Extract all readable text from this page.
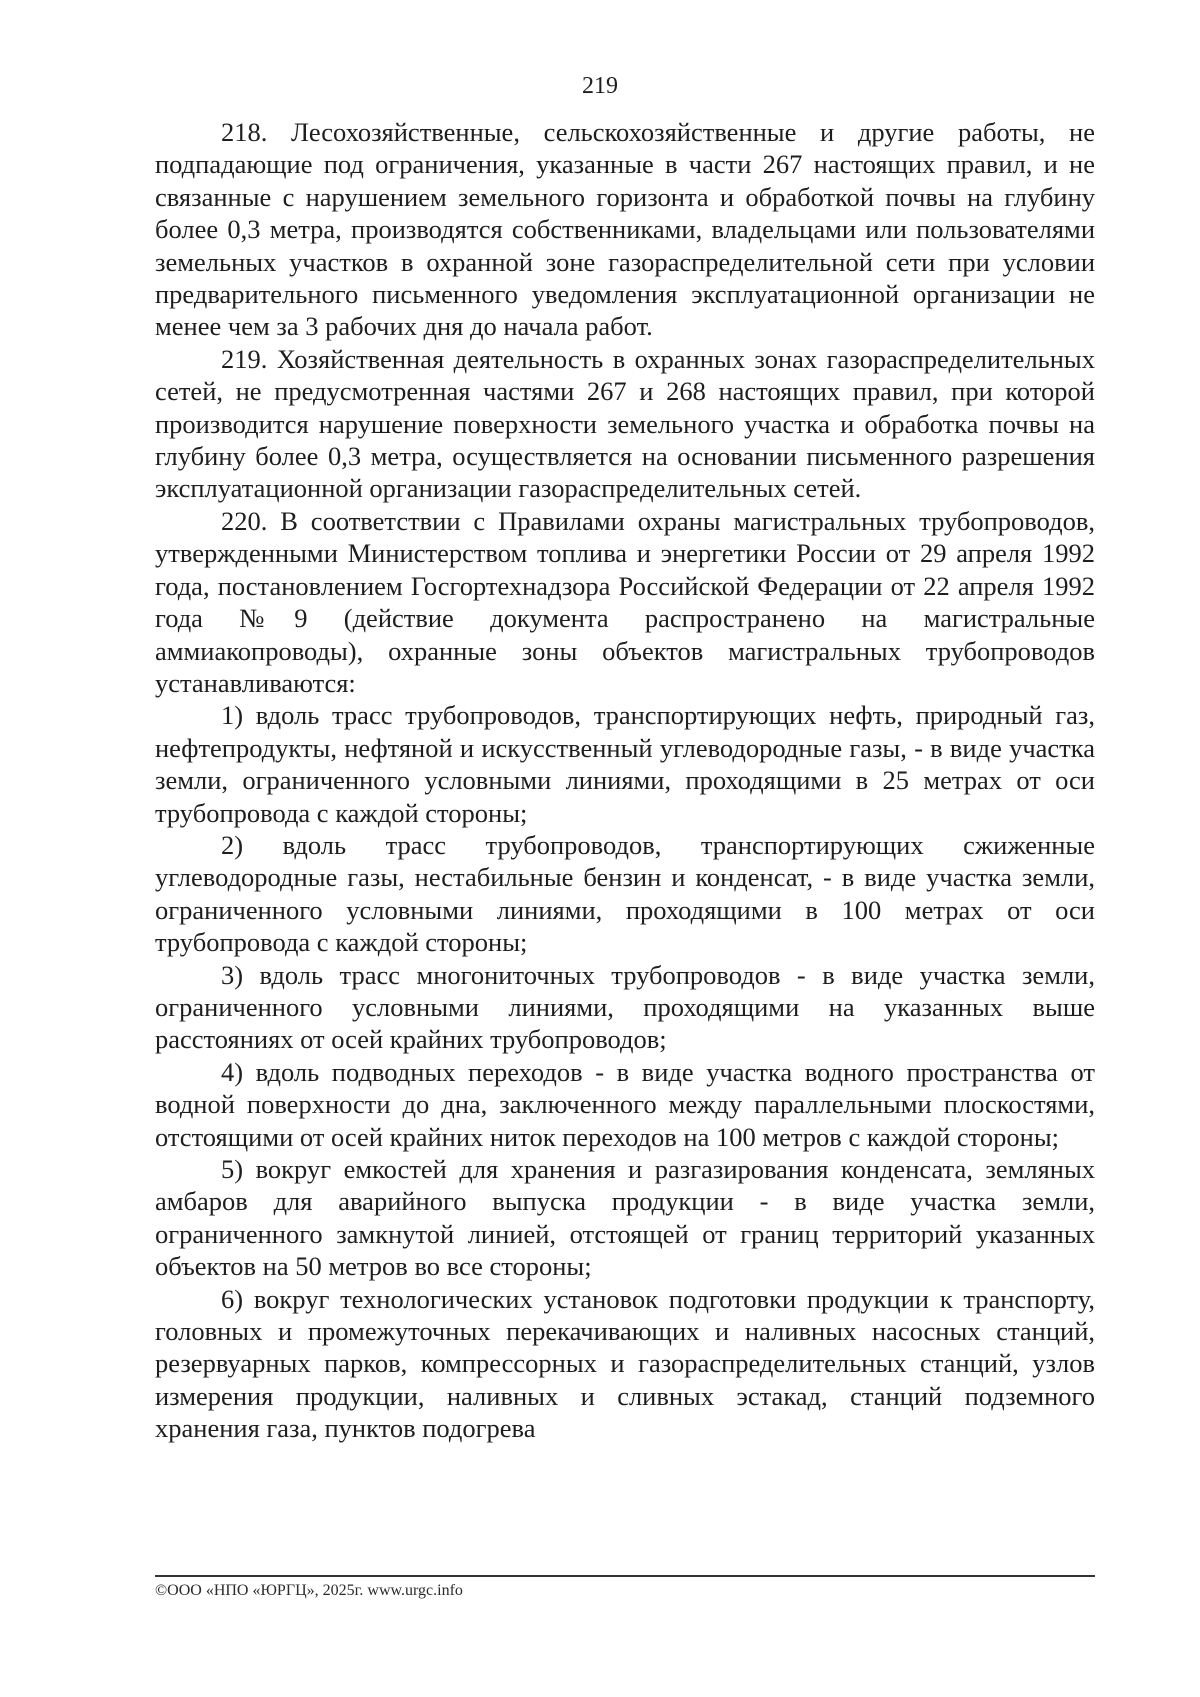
219

218. Лесохозяйственные, сельскохозяйственные и другие работы, не подпадающие под ограничения, указанные в части 267 настоящих правил, и не связанные с нарушением земельного горизонта и обработкой почвы на глубину более 0,3 метра, производятся собственниками, владельцами или пользователями земельных участков в охранной зоне газораспределительной сети при условии предварительного письменного уведомления эксплуатационной организации не менее чем за 3 рабочих дня до начала работ.

219. Хозяйственная деятельность в охранных зонах газораспределительных сетей, не предусмотренная частями 267 и 268 настоящих правил, при которой производится нарушение поверхности земельного участка и обработка почвы на глубину более 0,3 метра, осуществляется на основании письменного разрешения эксплуатационной организации газораспределительных сетей.

220. В соответствии с Правилами охраны магистральных трубопроводов, утвержденными Министерством топлива и энергетики России от 29 апреля 1992 года, постановлением Госгортехнадзора Российской Федерации от 22 апреля 1992 года №9 (действие документа распространено на магистральные аммиакопроводы), охранные зоны объектов магистральных трубопроводов устанавливаются:

1) вдоль трасс трубопроводов, транспортирующих нефть, природный газ, нефтепродукты, нефтяной и искусственный углеводородные газы, - в виде участка земли, ограниченного условными линиями, проходящими в 25 метрах от оси трубопровода с каждой стороны;

2) вдоль трасс трубопроводов, транспортирующих сжиженные углеводородные газы, нестабильные бензин и конденсат, - в виде участка земли, ограниченного условными линиями, проходящими в 100 метрах от оси трубопровода с каждой стороны;

3) вдоль трасс многониточных трубопроводов - в виде участка земли, ограниченного условными линиями, проходящими на указанных выше расстояниях от осей крайних трубопроводов;

4) вдоль подводных переходов - в виде участка водного пространства от водной поверхности до дна, заключенного между параллельными плоскостями, отстоящими от осей крайних ниток переходов на 100 метров с каждой стороны;

5) вокруг емкостей для хранения и разгазирования конденсата, земляных амбаров для аварийного выпуска продукции - в виде участка земли, ограниченного замкнутой линией, отстоящей от границ территорий указанных объектов на 50 метров во все стороны;

6) вокруг технологических установок подготовки продукции к транспорту, головных и промежуточных перекачивающих и наливных насосных станций, резервуарных парков, компрессорных и газораспределительных станций, узлов измерения продукции, наливных и сливных эстакад, станций подземного хранения газа, пунктов подогрева

©ООО «НПО «ЮРГЦ», 2025г. www.urgc.info
